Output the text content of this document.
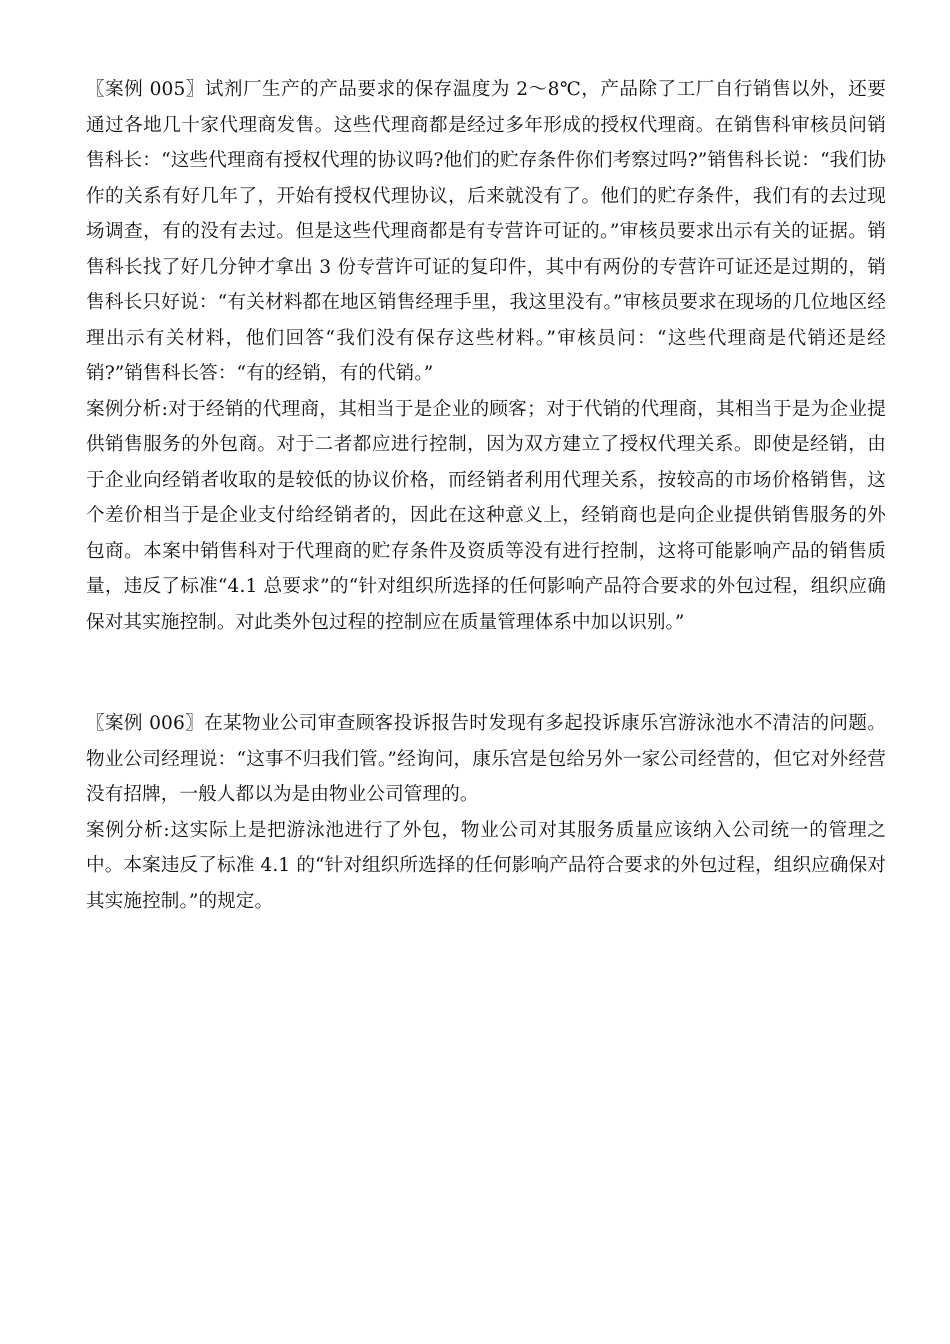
〖案例 005〗试剂厂生产的产品要求的保存温度为 2～8℃，产品除了工厂自行销售以外，还要通过各地几十家代理商发售。这些代理商都是经过多年形成的授权代理商。在销售科审核员问销售科长：“这些代理商有授权代理的协议吗?他们的贮存条件你们考察过吗?”销售科长说：“我们协作的关系有好几年了，开始有授权代理协议，后来就没有了。他们的贮存条件，我们有的去过现场调查，有的没有去过。但是这些代理商都是有专营许可证的。”审核员要求出示有关的证据。销售科长找了好几分钟才拿出 3 份专营许可证的复印件，其中有两份的专营许可证还是过期的，销售科长只好说：“有关材料都在地区销售经理手里，我这里没有。”审核员要求在现场的几位地区经理出示有关材料，他们回答“我们没有保存这些材料。”审核员问：“这些代理商是代销还是经销?”销售科长答：“有的经销，有的代销。”

案例分析:对于经销的代理商，其相当于是企业的顾客；对于代销的代理商，其相当于是为企业提供销售服务的外包商。对于二者都应进行控制，因为双方建立了授权代理关系。即使是经销，由于企业向经销者收取的是较低的协议价格，而经销者利用代理关系，按较高的市场价格销售，这个差价相当于是企业支付给经销者的，因此在这种意义上，经销商也是向企业提供销售服务的外包商。本案中销售科对于代理商的贮存条件及资质等没有进行控制，这将可能影响产品的销售质量，违反了标准“4.1 总要求”的“针对组织所选择的任何影响产品符合要求的外包过程，组织应确保对其实施控制。对此类外包过程的控制应在质量管理体系中加以识别。”

〖案例 006〗在某物业公司审查顾客投诉报告时发现有多起投诉康乐宫游泳池水不清洁的问题。物业公司经理说：“这事不归我们管。”经询问，康乐宫是包给另外一家公司经营的，但它对外经营没有招牌，一般人都以为是由物业公司管理的。

案例分析:这实际上是把游泳池进行了外包，物业公司对其服务质量应该纳入公司统一的管理之中。本案违反了标准 4.1 的“针对组织所选择的任何影响产品符合要求的外包过程，组织应确保对其实施控制。”的规定。
